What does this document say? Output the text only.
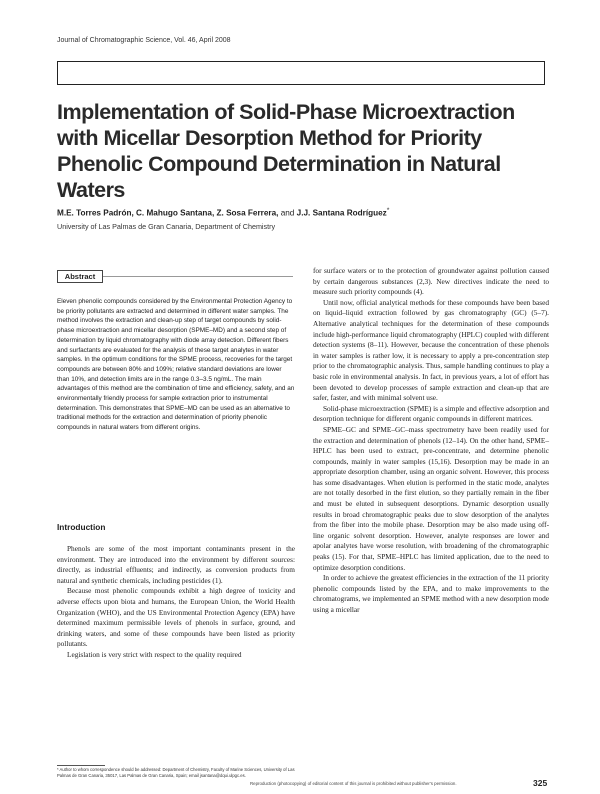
Journal of Chromatographic Science, Vol. 46, April 2008
Implementation of Solid-Phase Microextraction with Micellar Desorption Method for Priority Phenolic Compound Determination in Natural Waters
M.E. Torres Padrón, C. Mahugo Santana, Z. Sosa Ferrera, and J.J. Santana Rodríguez*
University of Las Palmas de Gran Canaria, Department of Chemistry
Abstract

Eleven phenolic compounds considered by the Environmental Protection Agency to be priority pollutants are extracted and determined in different water samples. The method involves the extraction and clean-up step of target compounds by solid-phase microextraction and micellar desorption (SPME–MD) and a second step of determination by liquid chromatography with diode array detection. Different fibers and surfactants are evaluated for the analysis of these target analytes in water samples. In the optimum conditions for the SPME process, recoveries for the target compounds are between 80% and 109%; relative standard deviations are lower than 10%, and detection limits are in the range 0.3–3.5 ng/mL. The main advantages of this method are the combination of time and efficiency, safety, and an environmentally friendly process for sample extraction prior to instrumental determination. This demonstrates that SPME–MD can be used as an alternative to traditional methods for the extraction and determination of priority phenolic compounds in natural waters from different origins.

Introduction

Phenols are some of the most important contaminants present in the environment. They are introduced into the environment by different sources: directly, as industrial effluents; and indirectly, as conversion products from natural and synthetic chemicals, including pesticides (1).

Because most phenolic compounds exhibit a high degree of toxicity and adverse effects upon biota and humans, the European Union, the World Health Organization (WHO), and the US Environmental Protection Agency (EPA) have determined maximum permissible levels of phenols in surface, ground, and drinking waters, and some of these compounds have been listed as priority pollutants.

Legislation is very strict with respect to the quality required

for surface waters or to the protection of groundwater against pollution caused by certain dangerous substances (2,3). New directives indicate the need to measure such priority compounds (4).

Until now, official analytical methods for these compounds have been based on liquid–liquid extraction followed by gas chromatography (GC) (5–7). Alternative analytical techniques for the determination of these compounds include high-performance liquid chromatography (HPLC) coupled with different detection systems (8–11). However, because the concentration of these phenols in water samples is rather low, it is necessary to apply a pre-concentration step prior to the chromatographic analysis. Thus, sample handling continues to play a basic role in environmental analysis. In fact, in previous years, a lot of effort has been devoted to develop processes of sample extraction and clean-up that are safer, faster, and with minimal solvent use.

Solid-phase microextraction (SPME) is a simple and effective adsorption and desorption technique for different organic compounds in different matrices.

SPME–GC and SPME–GC–mass spectrometry have been readily used for the extraction and determination of phenols (12–14). On the other hand, SPME–HPLC has been used to extract, pre-concentrate, and determine phenolic compounds, mainly in water samples (15,16). Desorption may be made in an appropriate desorption chamber, using an organic solvent. However, this process has some disadvantages. When elution is performed in the static mode, analytes are not totally desorbed in the first elution, so they partially remain in the fiber and must be eluted in subsequent desorptions. Dynamic desorption usually results in broad chromatographic peaks due to slow desorption of the analytes from the fiber into the mobile phase. Desorption may be also made using off-line organic solvent desorption. However, analyte responses are lower and apolar analytes have worse resolution, with broadening of the chromatographic peaks (15). For that, SPME–HPLC has limited application, due to the need to optimize desorption conditions.

In order to achieve the greatest efficiencies in the extraction of the 11 priority phenolic compounds listed by the EPA, and to make improvements to the chromatograms, we implemented an SPME method with a new desorption mode using a micellar

* Author to whom correspondence should be addressed: Department of Chemistry, Faculty of Marine Sciences, University of Las Palmas de Gran Canaria, 35017, Las Palmas de Gran Canaria, Spain; email jsantana@dqui.ulpgc.es.

Reproduction (photocopying) of editorial content of this journal is prohibited without publisher's permission.	325
